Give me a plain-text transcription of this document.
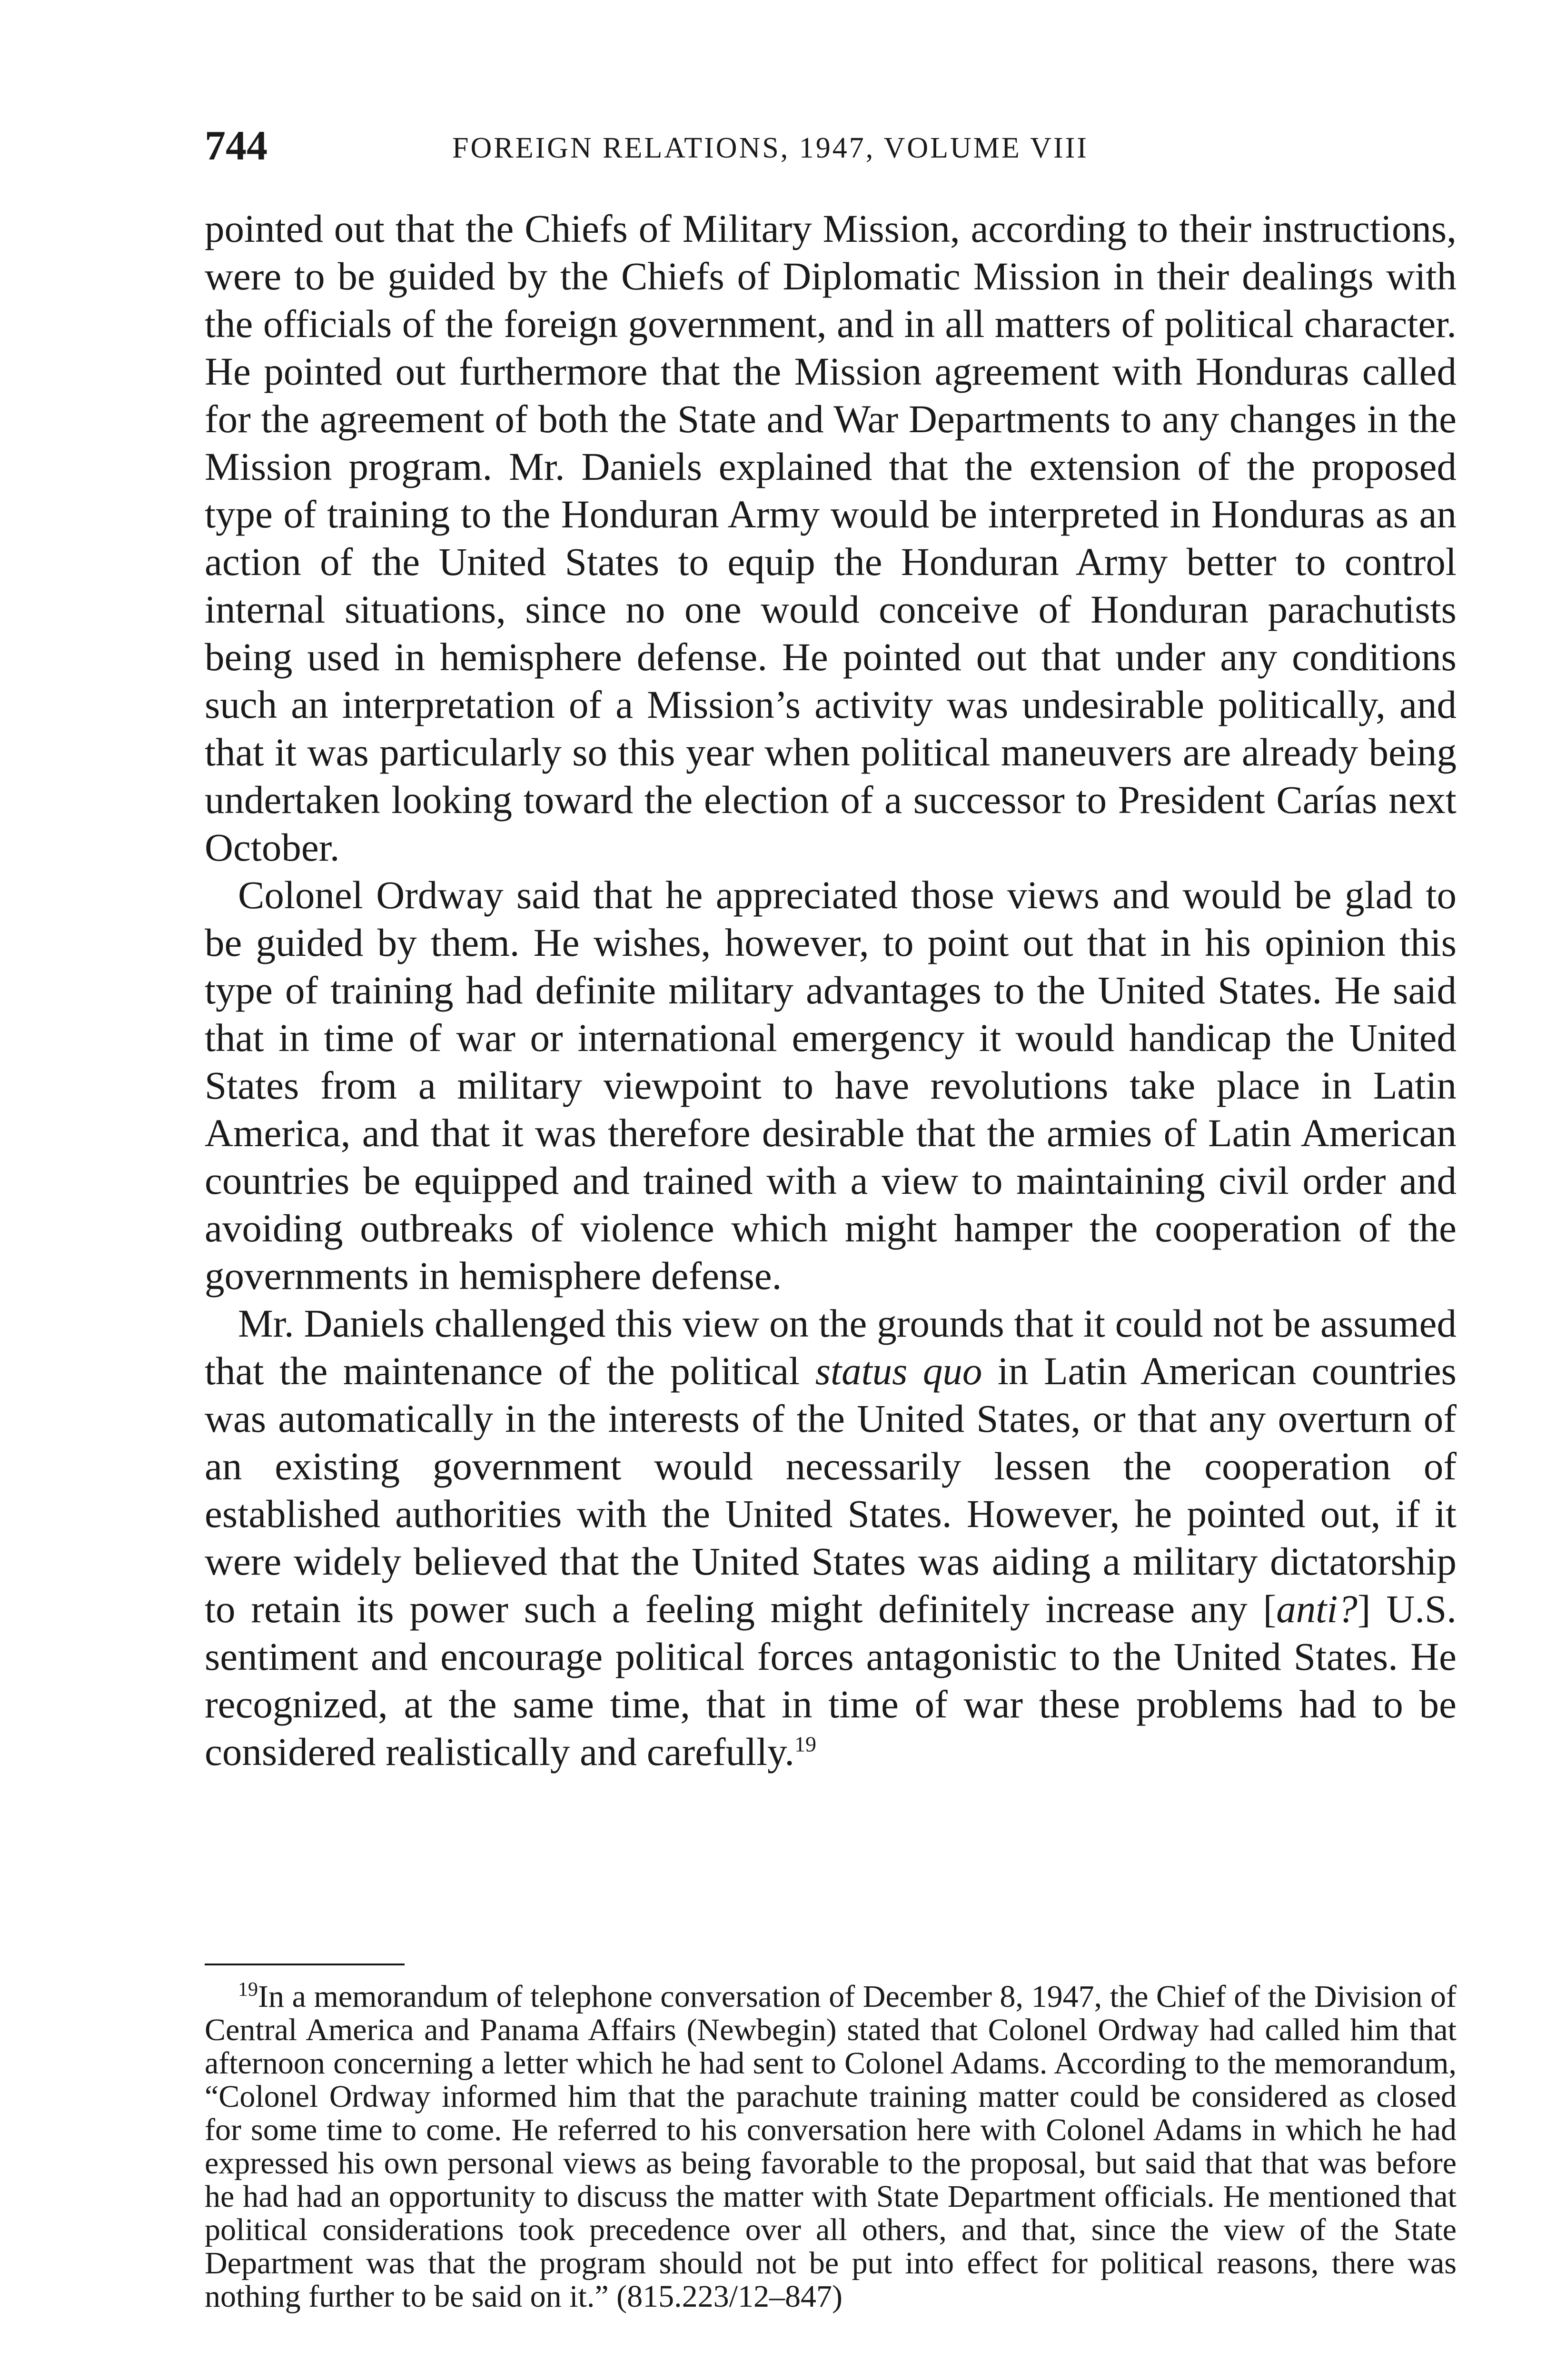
744	FOREIGN RELATIONS, 1947, VOLUME VIII

pointed out that the Chiefs of Military Mission, according to their instructions, were to be guided by the Chiefs of Diplomatic Mission in their dealings with the officials of the foreign government, and in all matters of political character. He pointed out furthermore that the Mission agreement with Honduras called for the agreement of both the State and War Departments to any changes in the Mission program. Mr. Daniels explained that the extension of the proposed type of training to the Honduran Army would be interpreted in Honduras as an action of the United States to equip the Honduran Army better to control internal situations, since no one would conceive of Honduran parachutists being used in hemisphere defense. He pointed out that under any conditions such an interpretation of a Mission’s activity was undesirable politically, and that it was particularly so this year when political maneuvers are already being undertaken looking toward the election of a successor to President Carías next October.

Colonel Ordway said that he appreciated those views and would be glad to be guided by them. He wishes, however, to point out that in his opinion this type of training had definite military advantages to the United States. He said that in time of war or international emergency it would handicap the United States from a military viewpoint to have revolutions take place in Latin America, and that it was therefore desirable that the armies of Latin American countries be equipped and trained with a view to maintaining civil order and avoiding outbreaks of violence which might hamper the cooperation of the governments in hemisphere defense.

Mr. Daniels challenged this view on the grounds that it could not be assumed that the maintenance of the political status quo in Latin American countries was automatically in the interests of the United States, or that any overturn of an existing government would necessarily lessen the cooperation of established authorities with the United States. However, he pointed out, if it were widely believed that the United States was aiding a military dictatorship to retain its power such a feeling might definitely increase any [anti?] U.S. sentiment and encourage political forces antagonistic to the United States. He recognized, at the same time, that in time of war these problems had to be considered realistically and carefully.$^{19}$

$^{19}$In a memorandum of telephone conversation of December 8, 1947, the Chief of the Division of Central America and Panama Affairs (Newbegin) stated that Colonel Ordway had called him that afternoon concerning a letter which he had sent to Colonel Adams. According to the memorandum, “Colonel Ordway informed him that the parachute training matter could be considered as closed for some time to come. He referred to his conversation here with Colonel Adams in which he had expressed his own personal views as being favorable to the proposal, but said that that was before he had had an opportunity to discuss the matter with State Department officials. He mentioned that political considerations took precedence over all others, and that, since the view of the State Department was that the program should not be put into effect for political reasons, there was nothing further to be said on it.” (815.223/12–847)
